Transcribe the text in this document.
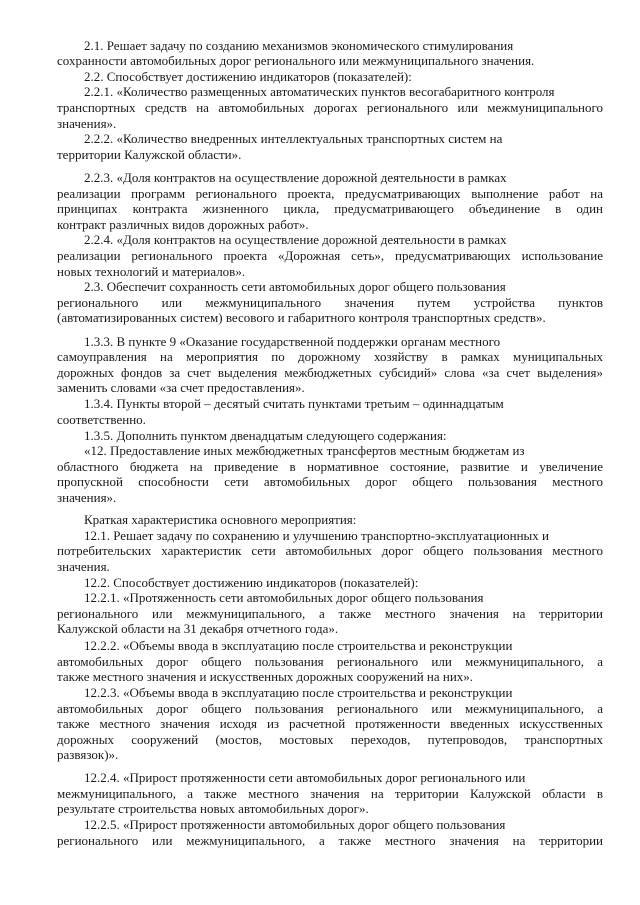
2.1. Решает задачу по созданию механизмов экономического стимулирования
сохранности автомобильных дорог регионального или межмуниципального значения.
2.2. Способствует достижению индикаторов (показателей):
2.2.1. «Количество размещенных автоматических пунктов весогабаритного контроля
транспортных средств на автомобильных дорогах регионального или межмуниципального
значения».
2.2.2. «Количество внедренных интеллектуальных транспортных систем на
территории Калужской области».
2.2.3. «Доля контрактов на осуществление дорожной деятельности в рамках
реализации программ регионального проекта, предусматривающих выполнение работ на
принципах контракта жизненного цикла, предусматривающего объединение в один
контракт различных видов дорожных работ».
2.2.4. «Доля контрактов на осуществление дорожной деятельности в рамках
реализации регионального проекта «Дорожная сеть», предусматривающих использование
новых технологий и материалов».
2.3. Обеспечит сохранность сети автомобильных дорог общего пользования
регионального или межмуниципального значения путем устройства пунктов
(автоматизированных систем) весового и габаритного контроля транспортных средств».
1.3.3. В пункте 9 «Оказание государственной поддержки органам местного
самоуправления на мероприятия по дорожному хозяйству в рамках муниципальных
дорожных фондов за счет выделения межбюджетных субсидий» слова «за счет выделения»
заменить словами «за счет предоставления».
1.3.4. Пункты второй – десятый считать пунктами третьим – одиннадцатым
соответственно.
1.3.5. Дополнить пунктом двенадцатым следующего содержания:
«12. Предоставление иных межбюджетных трансфертов местным бюджетам из
областного бюджета на приведение в нормативное состояние, развитие и увеличение
пропускной способности сети автомобильных дорог общего пользования местного
значения».
Краткая характеристика основного мероприятия:
12.1. Решает задачу по сохранению и улучшению транспортно-эксплуатационных и
потребительских характеристик сети автомобильных дорог общего пользования местного
значения.
12.2. Способствует достижению индикаторов (показателей):
12.2.1. «Протяженность сети автомобильных дорог общего пользования
регионального или межмуниципального, а также местного значения на территории
Калужской области на 31 декабря отчетного года».
12.2.2. «Объемы ввода в эксплуатацию после строительства и реконструкции
автомобильных дорог общего пользования регионального или межмуниципального, а
также местного значения и искусственных дорожных сооружений на них».
12.2.3. «Объемы ввода в эксплуатацию после строительства и реконструкции
автомобильных дорог общего пользования регионального или межмуниципального, а
также местного значения исходя из расчетной протяженности введенных искусственных
дорожных сооружений (мостов, мостовых переходов, путепроводов, транспортных
развязок)».
12.2.4. «Прирост протяженности сети автомобильных дорог регионального или
межмуниципального, а также местного значения на территории Калужской области в
результате строительства новых автомобильных дорог».
12.2.5. «Прирост протяженности автомобильных дорог общего пользования
регионального или межмуниципального, а также местного значения на территории
